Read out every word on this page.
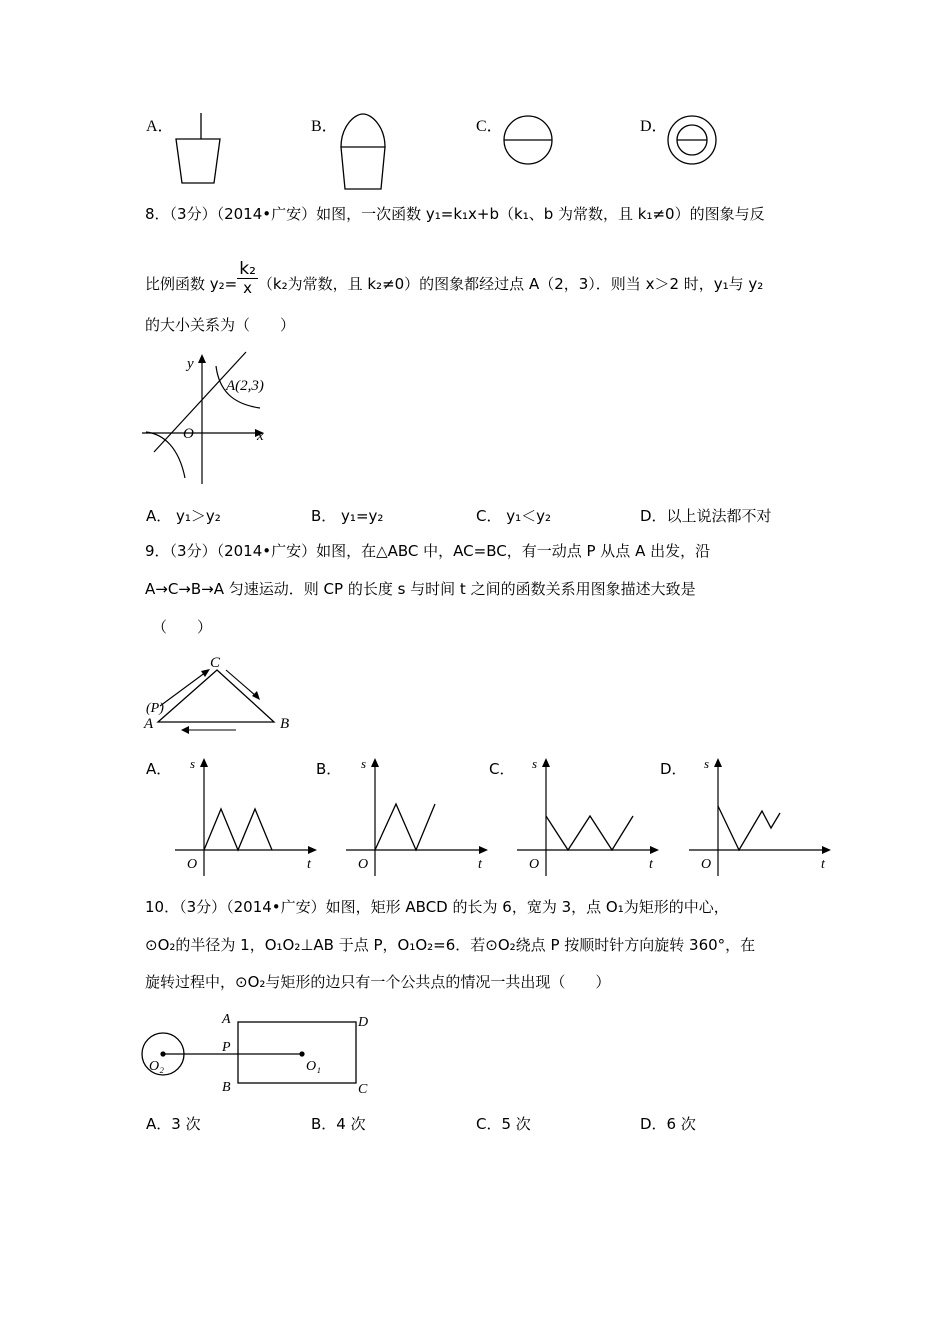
A．	B．	C．	D．
8．（3分）（2014•广安）如图，一次函数 y₁=k₁x+b（k₁、b 为常数，且 k₁≠0）的图象与反
比例函数 $y_2= \frac{\text{k₂}}{x} (k_2$为常数，且 k₂≠0）的图象都经过点 A（2，3）．则当 x＞2 时，y₁与 y₂
的大小关系为（　　）
y
x
O
A(2,3)
A． y₁＞y₂	B． y₁=y₂	C． y₁＜y₂	D．以上说法都不对
9．（3分）（2014•广安）如图，在△ABC 中，AC=BC，有一动点 P 从点 A 出发，沿
A→C→B→A 匀速运动．则 CP 的长度 s 与时间 t 之间的函数关系用图象描述大致是
（　　）
C
A	B
(P)
A．	B．	C．	D．
s
t
O
s
t
O
s
t
O
s
t
O
10．（3分）（2014•广安）如图，矩形 ABCD 的长为 6，宽为 3，点 O₁为矩形的中心，
⊙O₂的半径为 1，O₁O₂⊥AB 于点 P，O₁O₂=6．若⊙O₂绕点 P 按顺时针方向旋转 360°，在
旋转过程中，⊙O₂与矩形的边只有一个公共点的情况一共出现（　　）
A
B	C
D
P
O₁
O₂
A．3 次	B．4 次	C．5 次	D．6 次
